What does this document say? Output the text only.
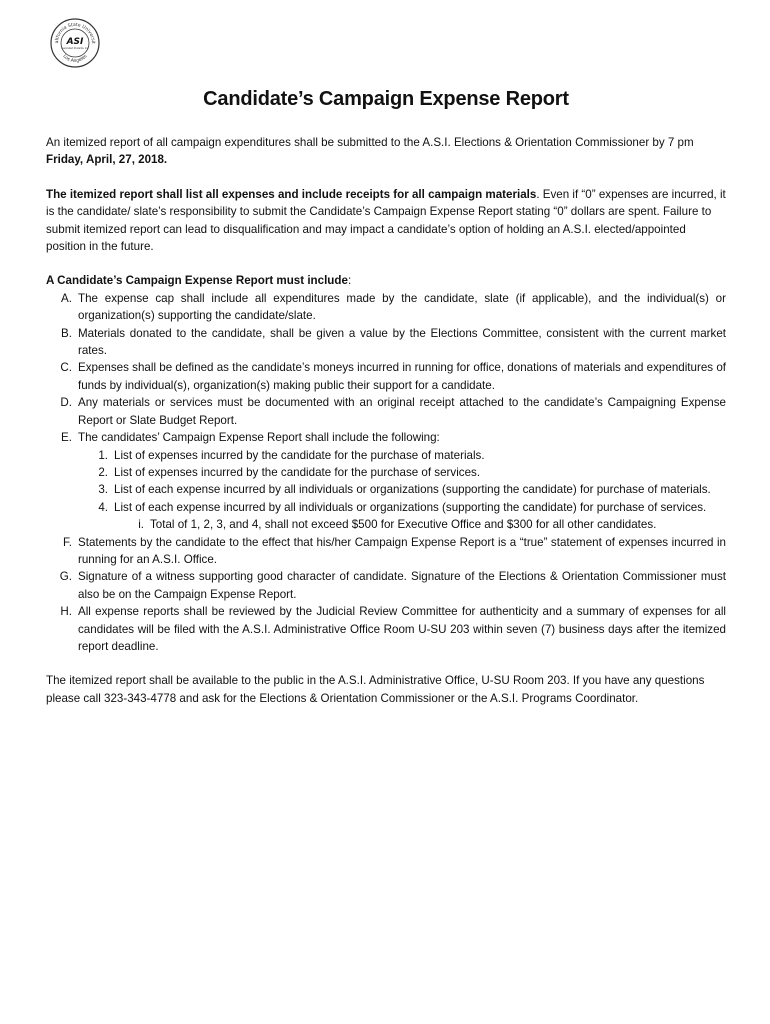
alifornia State Universit
Los Angeles
ASI
Associated Students, Inc.
Candidate’s Campaign Expense Report

An itemized report of all campaign expenditures shall be submitted to the A.S.I. Elections & Orientation Commissioner by 7 pm Friday, April, 27, 2018.

The itemized report shall list all expenses and include receipts for all campaign materials. Even if “0” expenses are incurred, it is the candidate/ slate’s responsibility to submit the Candidate’s Campaign Expense Report stating “0” dollars are spent. Failure to submit itemized report can lead to disqualification and may impact a candidate’s option of holding an A.S.I. elected/appointed position in the future.

A Candidate’s Campaign Expense Report must include:

A. The expense cap shall include all expenditures made by the candidate, slate (if applicable), and the individual(s) or organization(s) supporting the candidate/slate.
B. Materials donated to the candidate, shall be given a value by the Elections Committee, consistent with the current market rates.
C. Expenses shall be defined as the candidate’s moneys incurred in running for office, donations of materials and expenditures of funds by individual(s), organization(s) making public their support for a candidate.
D. Any materials or services must be documented with an original receipt attached to the candidate’s Campaigning Expense Report or Slate Budget Report.
E. The candidates’ Campaign Expense Report shall include the following:
1. List of expenses incurred by the candidate for the purchase of materials.
2. List of expenses incurred by the candidate for the purchase of services.
3. List of each expense incurred by all individuals or organizations (supporting the candidate) for purchase of materials.
4. List of each expense incurred by all individuals or organizations (supporting the candidate) for purchase of services.
i. Total of 1, 2, 3, and 4, shall not exceed $500 for Executive Office and $300 for all other candidates.
F. Statements by the candidate to the effect that his/her Campaign Expense Report is a “true” statement of expenses incurred in running for an A.S.I. Office.
G. Signature of a witness supporting good character of candidate. Signature of the Elections & Orientation Commissioner must also be on the Campaign Expense Report.
H. All expense reports shall be reviewed by the Judicial Review Committee for authenticity and a summary of expenses for all candidates will be filed with the A.S.I. Administrative Office Room U-SU 203 within seven (7) business days after the itemized report deadline.

The itemized report shall be available to the public in the A.S.I. Administrative Office, U-SU Room 203. If you have any questions please call 323-343-4778 and ask for the Elections & Orientation Commissioner or the A.S.I. Programs Coordinator.
